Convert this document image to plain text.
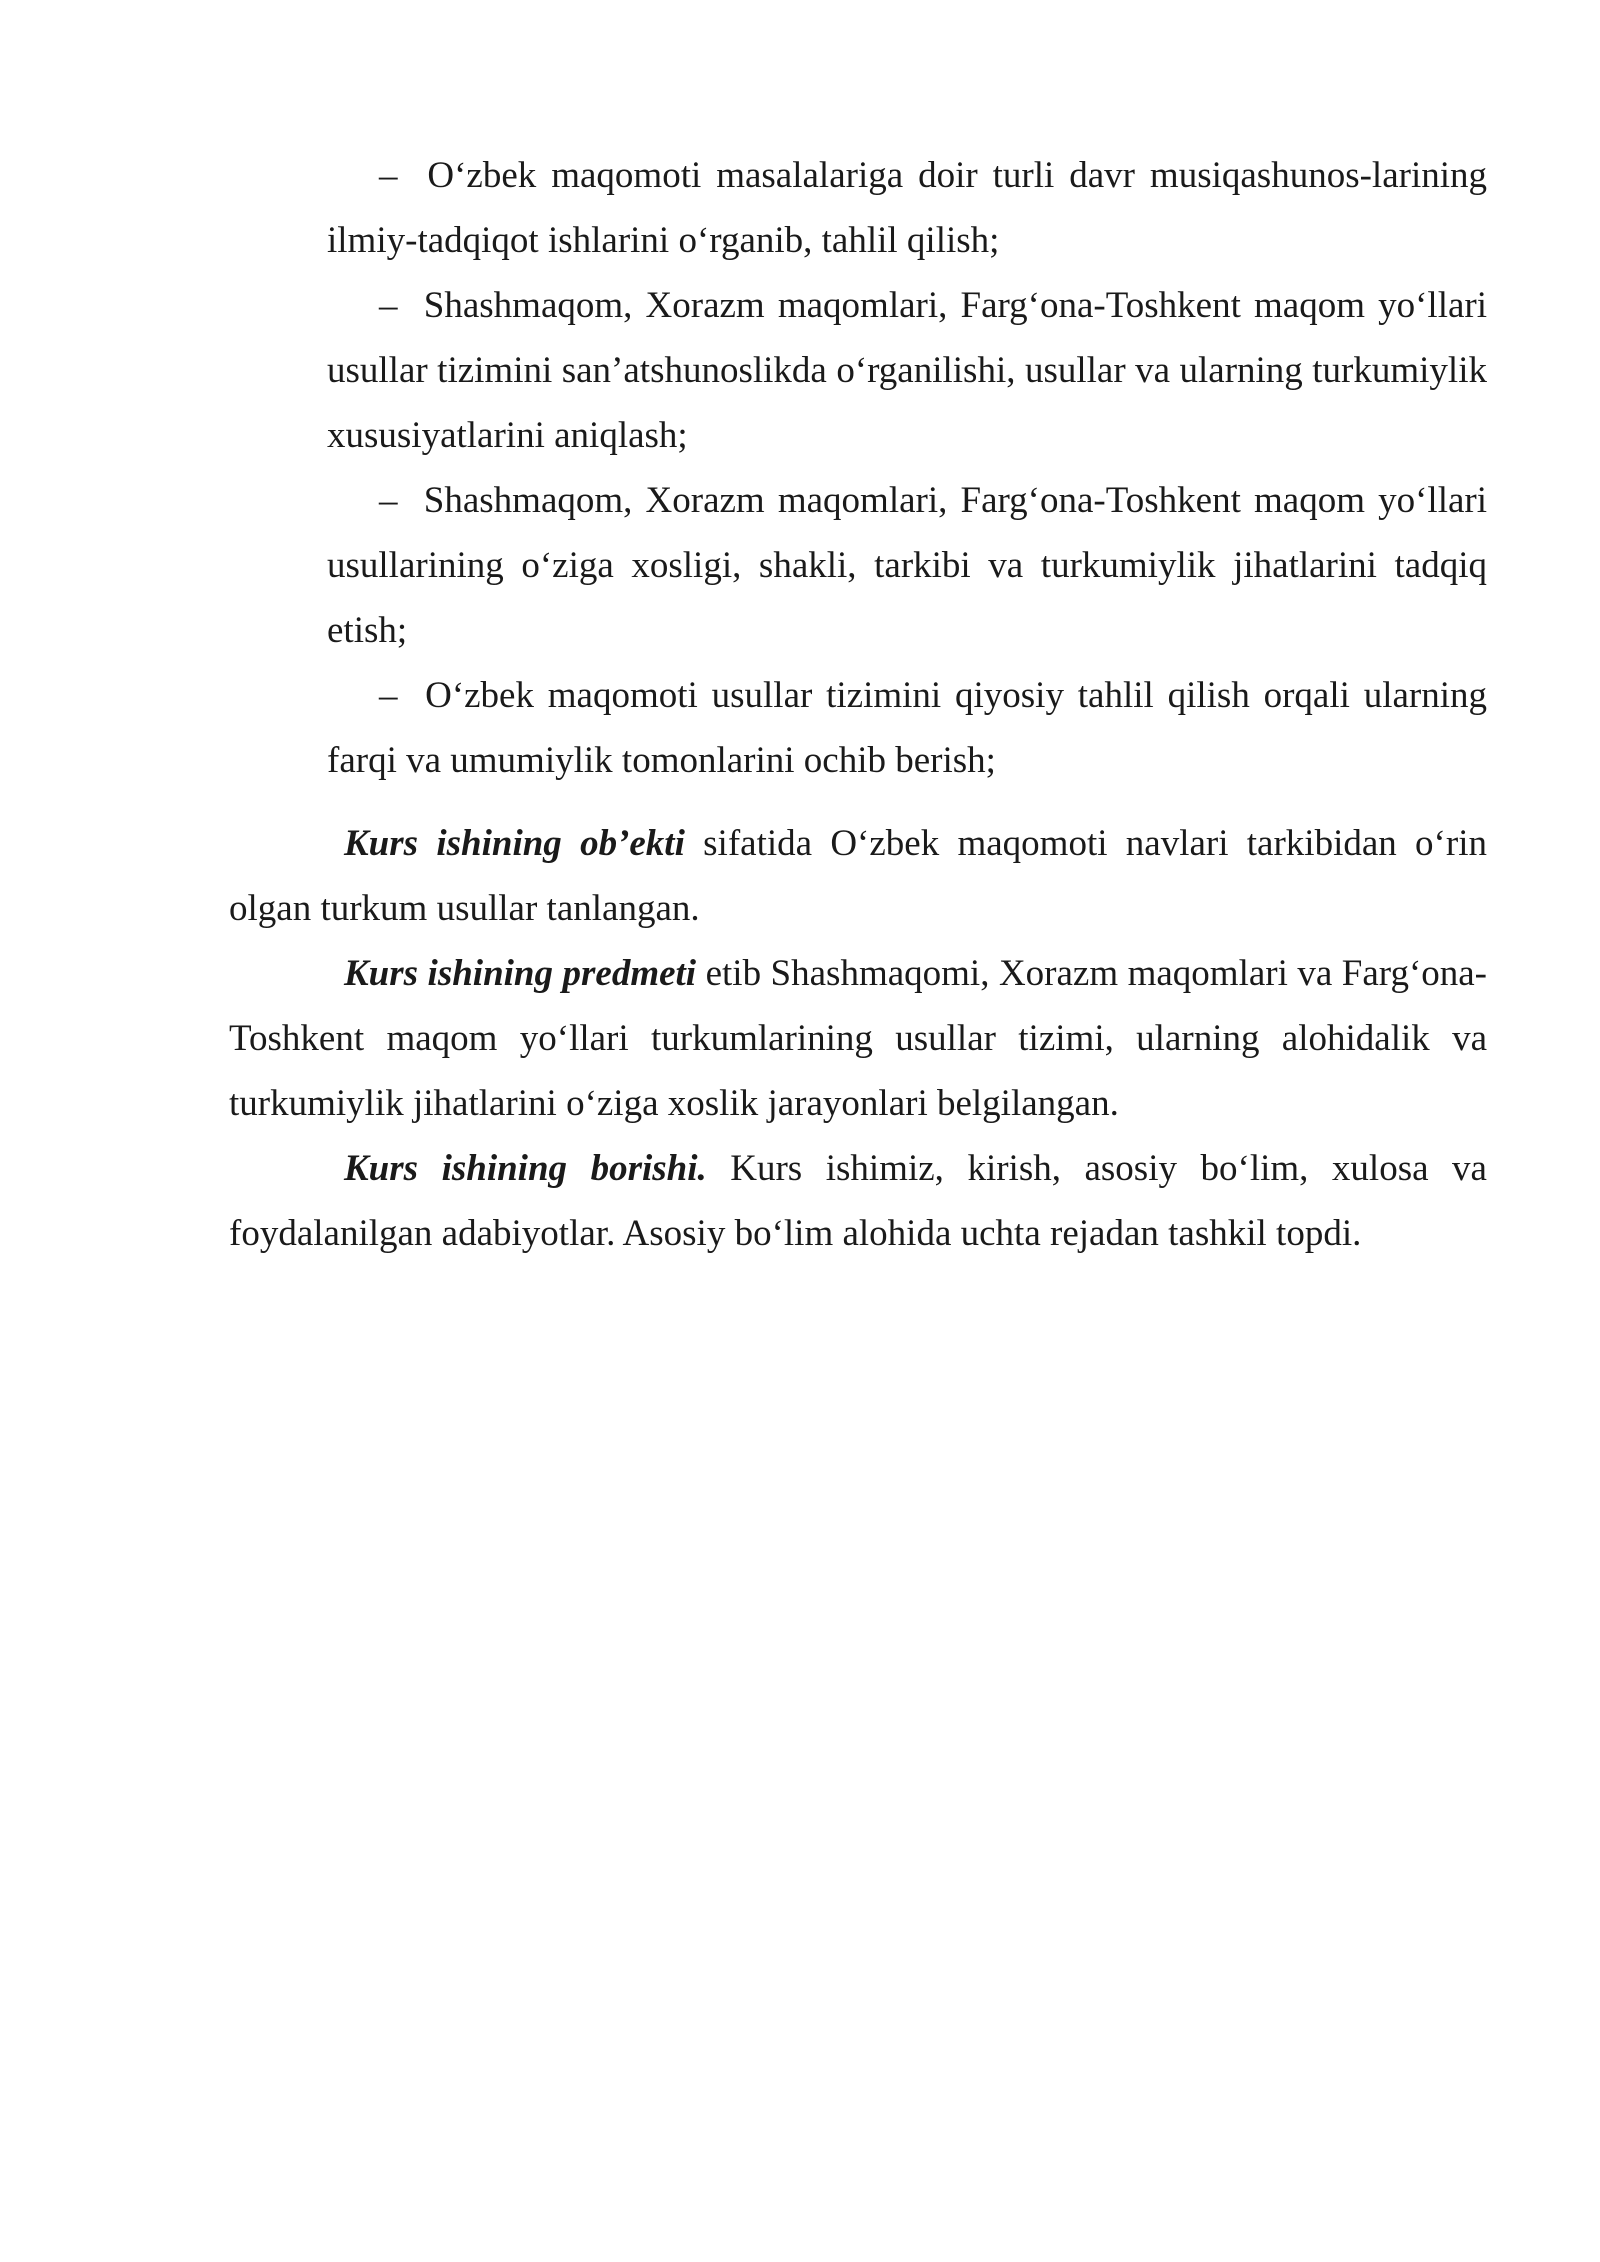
– O‘zbek maqomoti masalalariga doir turli davr musiqashunos-larining ilmiy-tadqiqot ishlarini o‘rganib, tahlil qilish;

– Shashmaqom, Xorazm maqomlari, Farg‘ona-Toshkent maqom yo‘llari usullar tizimini san’atshunoslikda o‘rganilishi, usullar va ularning turkumiylik xususiyatlarini aniqlash;

– Shashmaqom, Xorazm maqomlari, Farg‘ona-Toshkent maqom yo‘llari usullarining o‘ziga xosligi, shakli, tarkibi va turkumiylik jihatlarini tadqiq etish;

– O‘zbek maqomoti usullar tizimini qiyosiy tahlil qilish orqali ularning farqi va umumiylik tomonlarini ochib berish;

Kurs ishining ob’ekti sifatida O‘zbek maqomoti navlari tarkibidan o‘rin olgan turkum usullar tanlangan.

Kurs ishining predmeti etib Shashmaqomi, Xorazm maqomlari va Farg‘ona-Toshkent maqom yo‘llari turkumlarining usullar tizimi, ularning alohidalik va turkumiylik jihatlarini o‘ziga xoslik jarayonlari belgilangan.

Kurs ishining borishi. Kurs ishimiz, kirish, asosiy bo‘lim, xulosa va foydalanilgan adabiyotlar. Asosiy bo‘lim alohida uchta rejadan tashkil topdi.
